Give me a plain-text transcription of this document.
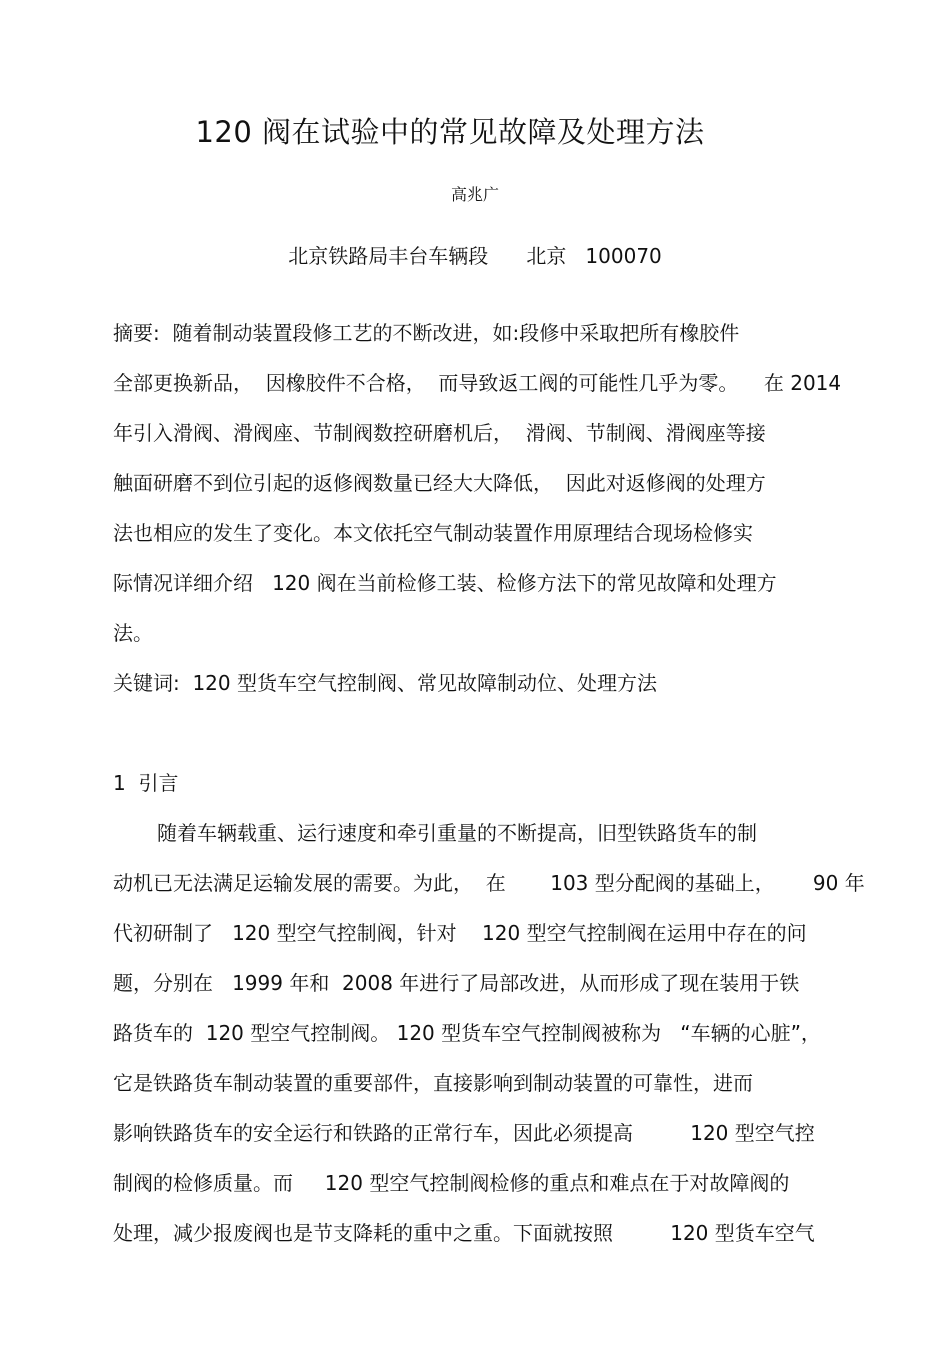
120 阀在试验中的常见故障及处理方法
高兆广
北京铁路局丰台车辆段      北京   100070
摘要:  随着制动装置段修工艺的不断改进，如:段修中采取把所有橡胶件
全部更换新品，  因橡胶件不合格，  而导致返工阀的可能性几乎为零。    在 2014
年引入滑阀、滑阀座、节制阀数控研磨机后，  滑阀、节制阀、滑阀座等接
触面研磨不到位引起的返修阀数量已经大大降低，  因此对返修阀的处理方
法也相应的发生了变化。本文依托空气制动装置作用原理结合现场检修实
际情况详细介绍   120 阀在当前检修工装、检修方法下的常见故障和处理方
法。
关键词:  120 型货车空气控制阀、常见故障制动位、处理方法
1  引言
随着车辆载重、运行速度和牵引重量的不断提高，旧型铁路货车的制
动机已无法满足运输发展的需要。为此，  在       103 型分配阀的基础上，      90 年
代初研制了   120 型空气控制阀，针对    120 型空气控制阀在运用中存在的问
题，分别在   1999 年和  2008 年进行了局部改进，从而形成了现在装用于铁
路货车的  120 型空气控制阀。 120 型货车空气控制阀被称为   “车辆的心脏”，
它是铁路货车制动装置的重要部件，直接影响到制动装置的可靠性，进而
影响铁路货车的安全运行和铁路的正常行车，因此必须提高         120 型空气控
制阀的检修质量。而     120 型空气控制阀检修的重点和难点在于对故障阀的
处理，减少报废阀也是节支降耗的重中之重。下面就按照         120 型货车空气
